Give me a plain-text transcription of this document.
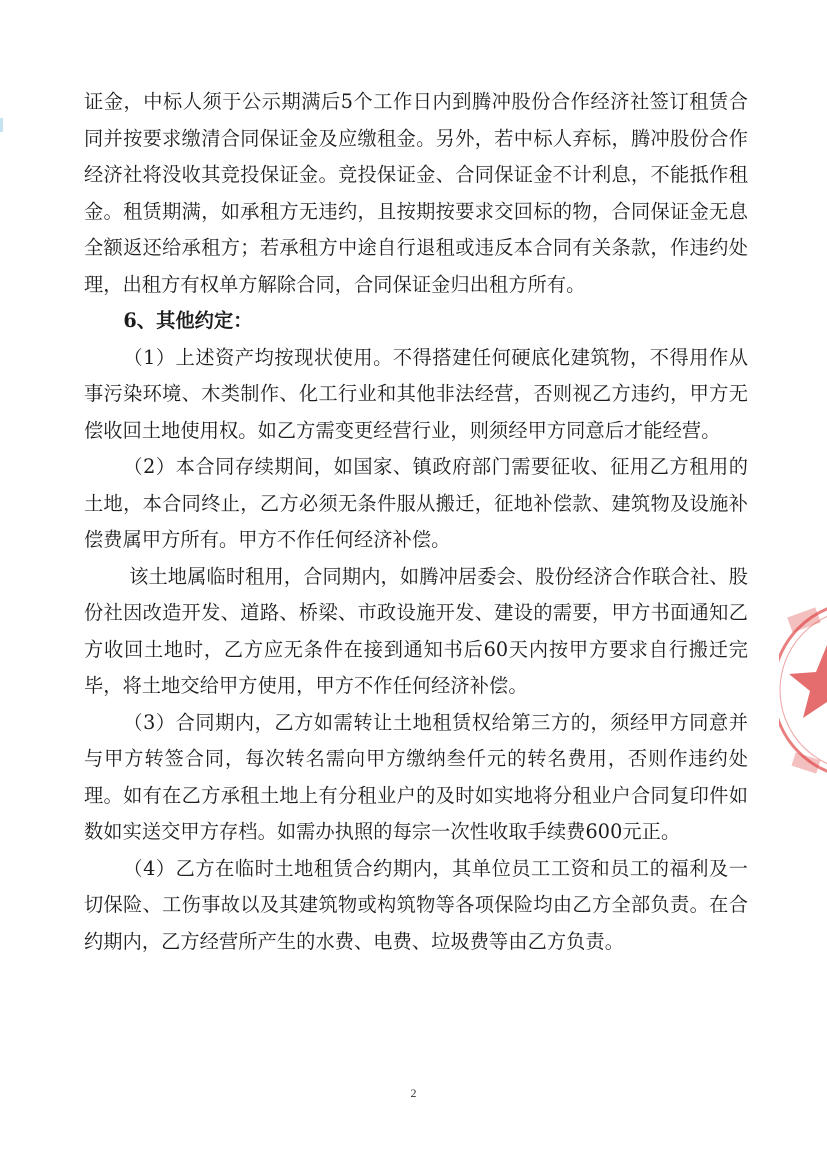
证金，中标人须于公示期满后5个工作日内到腾冲股份合作经济社签订租赁合同并按要求缴清合同保证金及应缴租金。另外，若中标人弃标，腾冲股份合作经济社将没收其竞投保证金。竞投保证金、合同保证金不计利息，不能抵作租金。租赁期满，如承租方无违约，且按期按要求交回标的物，合同保证金无息全额返还给承租方；若承租方中途自行退租或违反本合同有关条款，作违约处理，出租方有权单方解除合同，合同保证金归出租方所有。

6、其他约定：

（1）上述资产均按现状使用。不得搭建任何硬底化建筑物，不得用作从事污染环境、木类制作、化工行业和其他非法经营，否则视乙方违约，甲方无偿收回土地使用权。如乙方需变更经营行业，则须经甲方同意后才能经营。

（2）本合同存续期间，如国家、镇政府部门需要征收、征用乙方租用的土地，本合同终止，乙方必须无条件服从搬迁，征地补偿款、建筑物及设施补偿费属甲方所有。甲方不作任何经济补偿。

该土地属临时租用，合同期内，如腾冲居委会、股份经济合作联合社、股份社因改造开发、道路、桥梁、市政设施开发、建设的需要，甲方书面通知乙方收回土地时，乙方应无条件在接到通知书后60天内按甲方要求自行搬迁完毕，将土地交给甲方使用，甲方不作任何经济补偿。

（3）合同期内，乙方如需转让土地租赁权给第三方的，须经甲方同意并与甲方转签合同，每次转名需向甲方缴纳叁仟元的转名费用，否则作违约处理。如有在乙方承租土地上有分租业户的及时如实地将分租业户合同复印件如数如实送交甲方存档。如需办执照的每宗一次性收取手续费600元正。

（4）乙方在临时土地租赁合约期内，其单位员工工资和员工的福利及一切保险、工伤事故以及其建筑物或构筑物等各项保险均由乙方全部负责。在合约期内，乙方经营所产生的水费、电费、垃圾费等由乙方负责。

2
